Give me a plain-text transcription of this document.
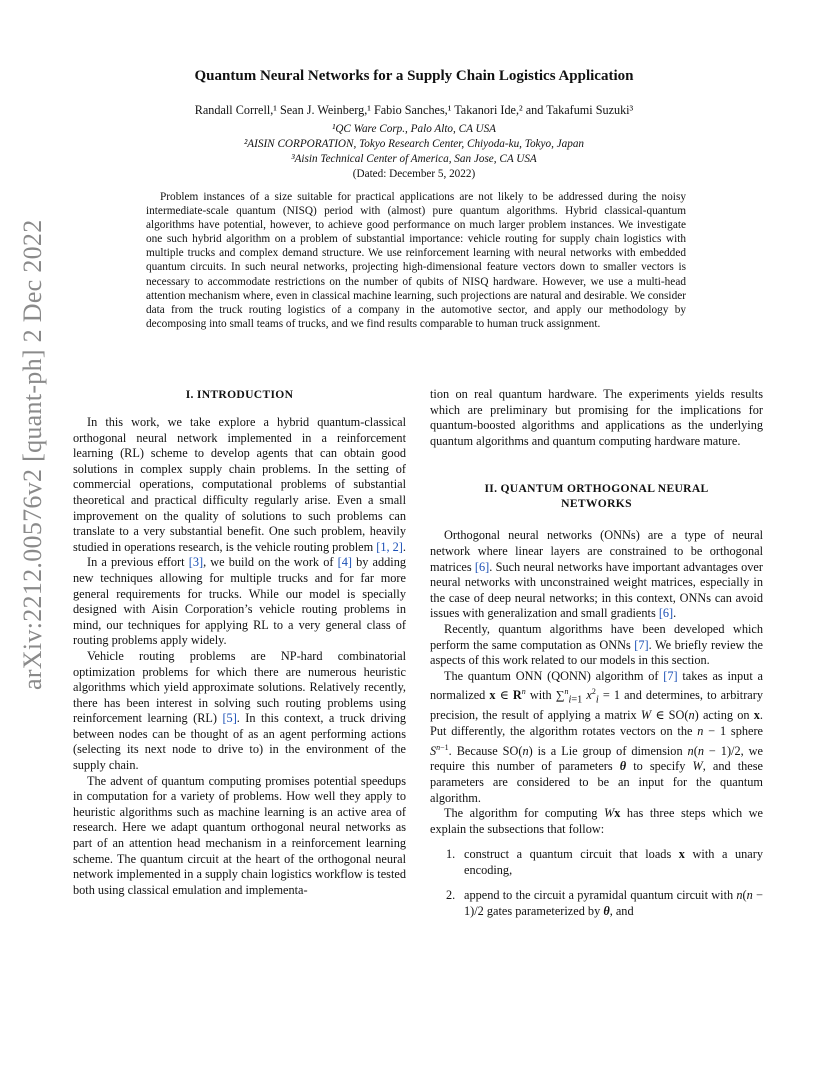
arXiv:2212.00576v2 [quant-ph] 2 Dec 2022
Quantum Neural Networks for a Supply Chain Logistics Application
Randall Correll,¹ Sean J. Weinberg,¹ Fabio Sanches,¹ Takanori Ide,² and Takafumi Suzuki³
¹QC Ware Corp., Palo Alto, CA USA
²AISIN CORPORATION, Tokyo Research Center, Chiyoda-ku, Tokyo, Japan
³Aisin Technical Center of America, San Jose, CA USA
(Dated: December 5, 2022)
Problem instances of a size suitable for practical applications are not likely to be addressed during the noisy intermediate-scale quantum (NISQ) period with (almost) pure quantum algorithms. Hybrid classical-quantum algorithms have potential, however, to achieve good performance on much larger problem instances. We investigate one such hybrid algorithm on a problem of substantial importance: vehicle routing for supply chain logistics with multiple trucks and complex demand structure. We use reinforcement learning with neural networks with embedded quantum circuits. In such neural networks, projecting high-dimensional feature vectors down to smaller vectors is necessary to accommodate restrictions on the number of qubits of NISQ hardware. However, we use a multi-head attention mechanism where, even in classical machine learning, such projections are natural and desirable. We consider data from the truck routing logistics of a company in the automotive sector, and apply our methodology by decomposing into small teams of trucks, and we find results comparable to human truck assignment.

I. INTRODUCTION

In this work, we take explore a hybrid quantum-classical orthogonal neural network implemented in a reinforcement learning (RL) scheme to develop agents that can obtain good solutions in complex supply chain problems. In the setting of commercial operations, computational problems of substantial theoretical and practical difficulty regularly arise. Even a small improvement on the quality of solutions to such problems can translate to a very substantial benefit. One such problem, heavily studied in operations research, is the vehicle routing problem [1, 2].

In a previous effort [3], we build on the work of [4] by adding new techniques allowing for multiple trucks and for far more general requirements for trucks. While our model is specially designed with Aisin Corporation’s vehicle routing problems in mind, our techniques for applying RL to a very general class of routing problems apply widely.

Vehicle routing problems are NP-hard combinatorial optimization problems for which there are numerous heuristic algorithms which yield approximate solutions. Relatively recently, there has been interest in solving such routing problems using reinforcement learning (RL) [5]. In this context, a truck driving between nodes can be thought of as an agent performing actions (selecting its next node to drive to) in the environment of the supply chain.

The advent of quantum computing promises potential speedups in computation for a variety of problems. How well they apply to heuristic algorithms such as machine learning is an active area of research. Here we adapt quantum orthogonal neural networks as part of an attention head mechanism in a reinforcement learning scheme. The quantum circuit at the heart of the orthogonal neural network implemented in a supply chain logistics workflow is tested both using classical emulation and implementa-

tion on real quantum hardware. The experiments yields results which are preliminary but promising for the implications for quantum-boosted algorithms and applications as the underlying quantum algorithms and quantum computing hardware mature.

II. QUANTUM ORTHOGONAL NEURAL
NETWORKS

Orthogonal neural networks (ONNs) are a type of neural network where linear layers are constrained to be orthogonal matrices [6]. Such neural networks have important advantages over neural networks with unconstrained weight matrices, especially in the case of deep neural networks; in this context, ONNs can avoid issues with generalization and small gradients [6].

Recently, quantum algorithms have been developed which perform the same computation as ONNs [7]. We briefly review the aspects of this work related to our models in this section.

The quantum ONN (QONN) algorithm of [7] takes as input a normalized x ∈ $R^n$ with ∑$^n_{i=1}$ $x^2_i = 1$ and determines, to arbitrary precision, the result of applying a matrix W ∈ SO(n) acting on x. Put differently, the algorithm rotates vectors on the n − 1 sphere $S^{n-1}$. Because SO(n) is a Lie group of dimension n(n − 1)/2, we require this number of parameters θ to specify W, and these parameters are considered to be an input for the quantum algorithm.

The algorithm for computing Wx has three steps which we explain the subsections that follow:

1. construct a quantum circuit that loads x with a unary encoding,
2. append to the circuit a pyramidal quantum circuit with n(n − 1)/2 gates parameterized by θ, and
